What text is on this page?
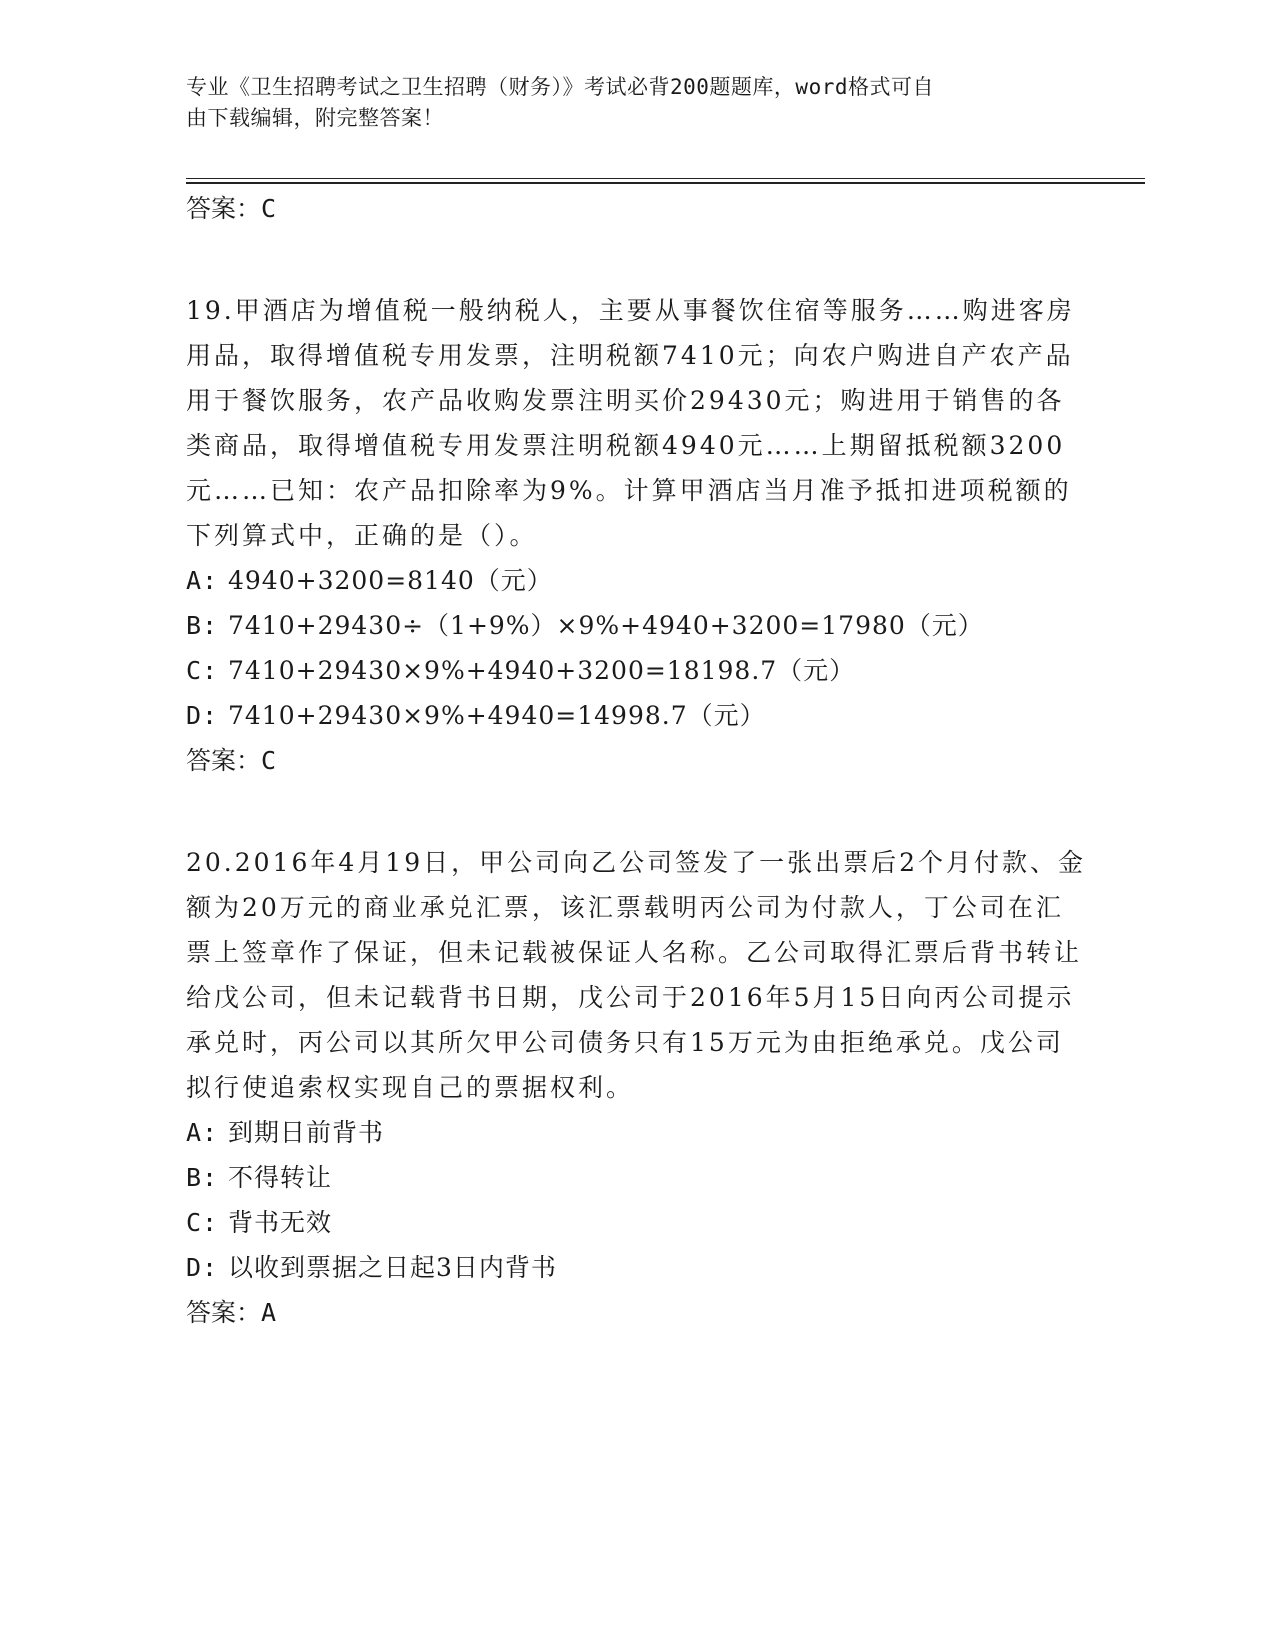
专业《卫生招聘考试之卫生招聘（财务）》考试必背200题题库，word格式可自
由下载编辑，附完整答案！
答案：C
19.甲酒店为增值税一般纳税人，主要从事餐饮住宿等服务……购进客房用品，取得增值税专用发票，注明税额7410元；向农户购进自产农产品用于餐饮服务，农产品收购发票注明买价29430元；购进用于销售的各类商品，取得增值税专用发票注明税额4940元……上期留抵税额3200元……已知：农产品扣除率为9%。计算甲酒店当月准予抵扣进项税额的下列算式中，正确的是（）。
A: 4940+3200=8140（元）
B: 7410+29430÷（1+9%）×9%+4940+3200=17980（元）
C: 7410+29430×9%+4940+3200=18198.7（元）
D: 7410+29430×9%+4940=14998.7（元）
答案：C
20.2016年4月19日，甲公司向乙公司签发了一张出票后2个月付款、金额为20万元的商业承兑汇票，该汇票载明丙公司为付款人，丁公司在汇票上签章作了保证，但未记载被保证人名称。乙公司取得汇票后背书转让给戊公司，但未记载背书日期，戊公司于2016年5月15日向丙公司提示承兑时，丙公司以其所欠甲公司债务只有15万元为由拒绝承兑。戊公司拟行使追索权实现自己的票据权利。
A: 到期日前背书
B: 不得转让
C: 背书无效
D: 以收到票据之日起3日内背书
答案：A
